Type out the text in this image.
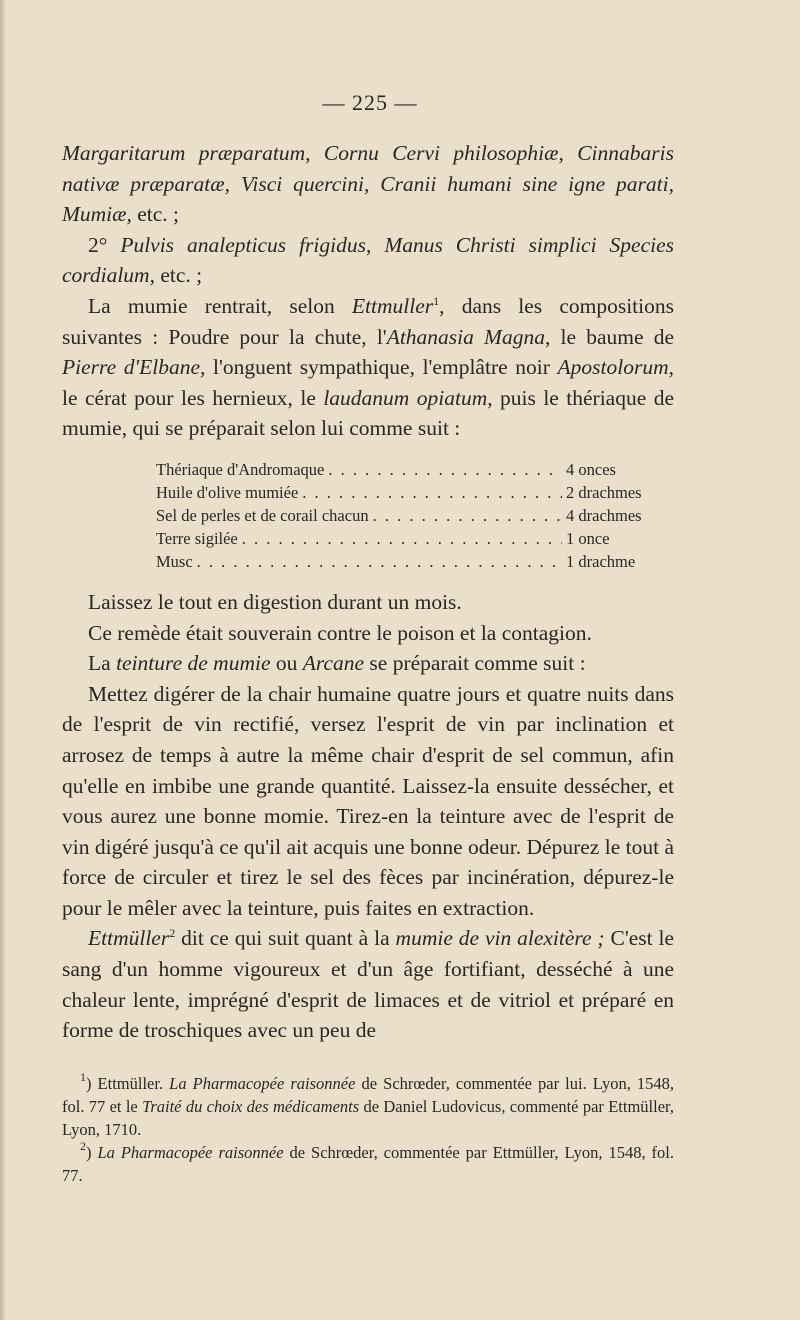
— 225 —

Margaritarum præparatum, Cornu Cervi philosophiæ, Cinnabaris nativæ præparatæ, Visci quercini, Cranii humani sine igne parati, Mumiæ, etc. ;

2° Pulvis analepticus frigidus, Manus Christi simplici Species cordialum, etc. ;

La mumie rentrait, selon Ettmuller$^1$, dans les compositions suivantes : Poudre pour la chute, l'Athanasia Magna, le baume de Pierre d'Elbane, l'onguent sympathique, l'emplâtre noir Apostolorum, le cérat pour les hernieux, le laudanum opiatum, puis le thériaque de mumie, qui se préparait selon lui comme suit :

Thériaque d'Andromaque . . .	4 onces
Huile d'olive mumiée . . .	2 drachmes
Sel de perles et de corail chacun . . .	4 drachmes
Terre sigilée . . .	1 once
Musc . . .	1 drachme

Laissez le tout en digestion durant un mois.

Ce remède était souverain contre le poison et la contagion.

La teinture de mumie ou Arcane se préparait comme suit :

Mettez digérer de la chair humaine quatre jours et quatre nuits dans de l'esprit de vin rectifié, versez l'esprit de vin par inclination et arrosez de temps à autre la même chair d'esprit de sel commun, afin qu'elle en imbibe une grande quantité. Laissez-la ensuite dessécher, et vous aurez une bonne momie. Tirez-en la teinture avec de l'esprit de vin digéré jusqu'à ce qu'il ait acquis une bonne odeur. Dépurez le tout à force de circuler et tirez le sel des fèces par incinération, dépurez-le pour le mêler avec la teinture, puis faites en extraction.

Ettmüller$^2$ dit ce qui suit quant à la mumie de vin alexitère ; C'est le sang d'un homme vigoureux et d'un âge fortifiant, desséché à une chaleur lente, imprégné d'esprit de limaces et de vitriol et préparé en forme de troschiques avec un peu de

$^1$) Ettmüller. La Pharmacopée raisonnée de Schrœder, commentée par lui. Lyon, 1548, fol. 77 et le Traité du choix des médicaments de Daniel Ludovicus, commenté par Ettmüller, Lyon, 1710.

$^2$) La Pharmacopée raisonnée de Schrœder, commentée par Ettmüller, Lyon, 1548, fol. 77.
